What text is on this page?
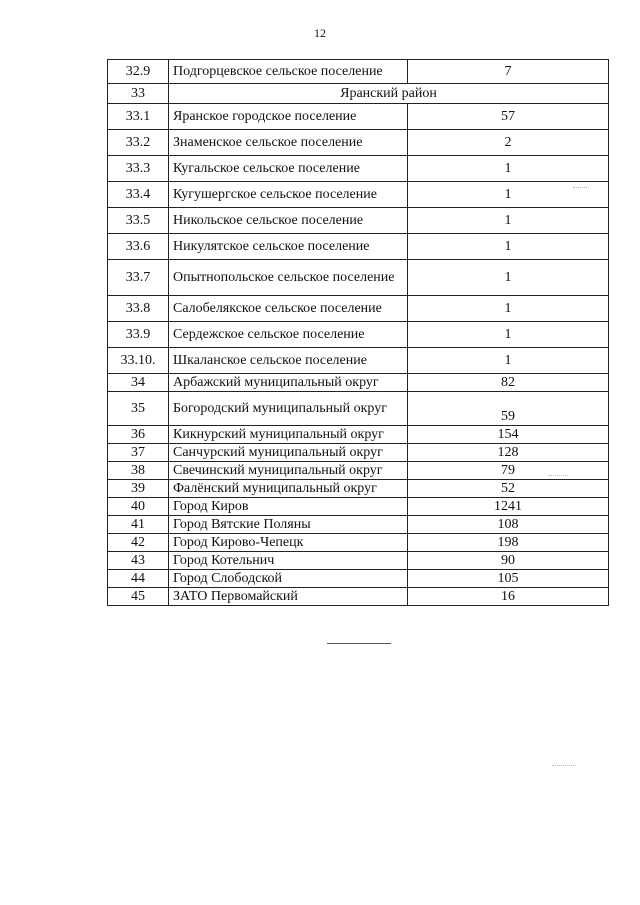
12
32.9	Подгорцевское сельское поселение	7
33	Яранский район	
33.1	Яранское городское поселение	57
33.2	Знаменское сельское поселение	2
33.3	Кугальское сельское поселение	1
33.4	Кугушергское сельское поселение	1
33.5	Никольское сельское поселение	1
33.6	Никулятское сельское поселение	1
33.7	Опытнопольское сельское поселение	1
33.8	Салобелякское сельское поселение	1
33.9	Сердежское сельское поселение	1
33.10.	Шкаланское сельское поселение	1
34	Арбажский муниципальный округ	82
35	Богородский муниципальный округ	59
36	Кикнурский муниципальный округ	154
37	Санчурский муниципальный округ	128
38	Свечинский муниципальный округ	79
39	Фалёнский муниципальный округ	52
40	Город Киров	1241
41	Город Вятские Поляны	108
42	Город Кирово-Чепецк	198
43	Город Котельнич	90
44	Город Слободской	105
45	ЗАТО Первомайский	16
